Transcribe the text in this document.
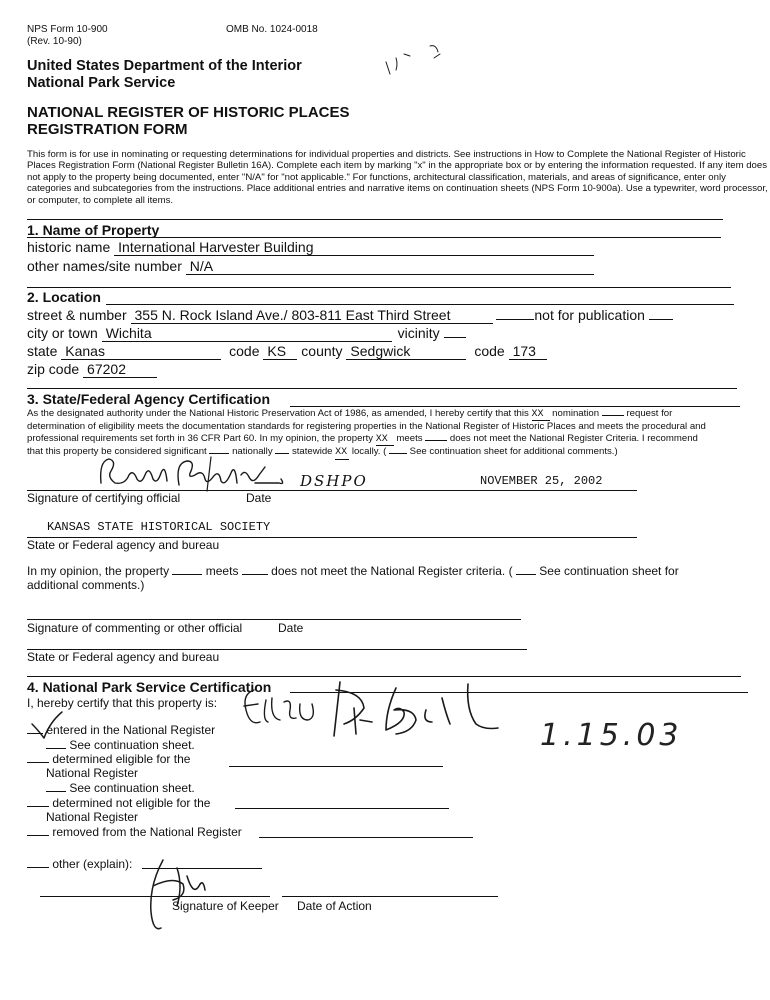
NPS Form 10-900
(Rev. 10-90)
OMB No. 1024-0018
United States Department of the Interior
National Park Service
NATIONAL REGISTER OF HISTORIC PLACES
REGISTRATION FORM
This form is for use in nominating or requesting determinations for individual properties and districts. See instructions in How to Complete the National Register of Historic Places Registration Form (National Register Bulletin 16A). Complete each item by marking "x" in the appropriate box or by entering the information requested. If any item does not apply to the property being documented, enter "N/A" for "not applicable." For functions, architectural classification, materials, and areas of significance, enter only categories and subcategories from the instructions. Place additional entries and narrative items on continuation sheets (NPS Form 10-900a). Use a typewriter, word processor, or computer, to complete all items.
1. Name of Property
historic name International Harvester Building
other names/site number N/A
2. Location
street & number 355 N. Rock Island Ave./ 803-811 East Third Street	not for publication
city or town Wichita	vicinity
state Kanas	code KS county Sedgwick	code 173
zip code 67202
3. State/Federal Agency Certification
As the designated authority under the National Historic Preservation Act of 1986, as amended, I hereby certify that this XX nomination	request for
determination of eligibility meets the documentation standards for registering properties in the National Register of Historic Places and meets the procedural and
professional requirements set forth in 36 CFR Part 60. In my opinion, the property XX meets	does not meet the National Register Criteria. I recommend
that this property be considered significant	nationally statewide XX locally. ( See continuation sheet for additional comments.)
DSHPO	NOVEMBER 25, 2002
Signature of certifying official	Date
KANSAS STATE HISTORICAL SOCIETY
State or Federal agency and bureau
In my opinion, the property	meets	does not meet the National Register criteria. ( See continuation sheet for
additional comments.)
Signature of commenting or other official	Date
State or Federal agency and bureau
4. National Park Service Certification
I, hereby certify that this property is:
entered in the National Register
See continuation sheet.
determined eligible for the
National Register
See continuation sheet.
determined not eligible for the
National Register
removed from the National Register
other (explain):
Signature of Keeper Date of Action
1.15.03
